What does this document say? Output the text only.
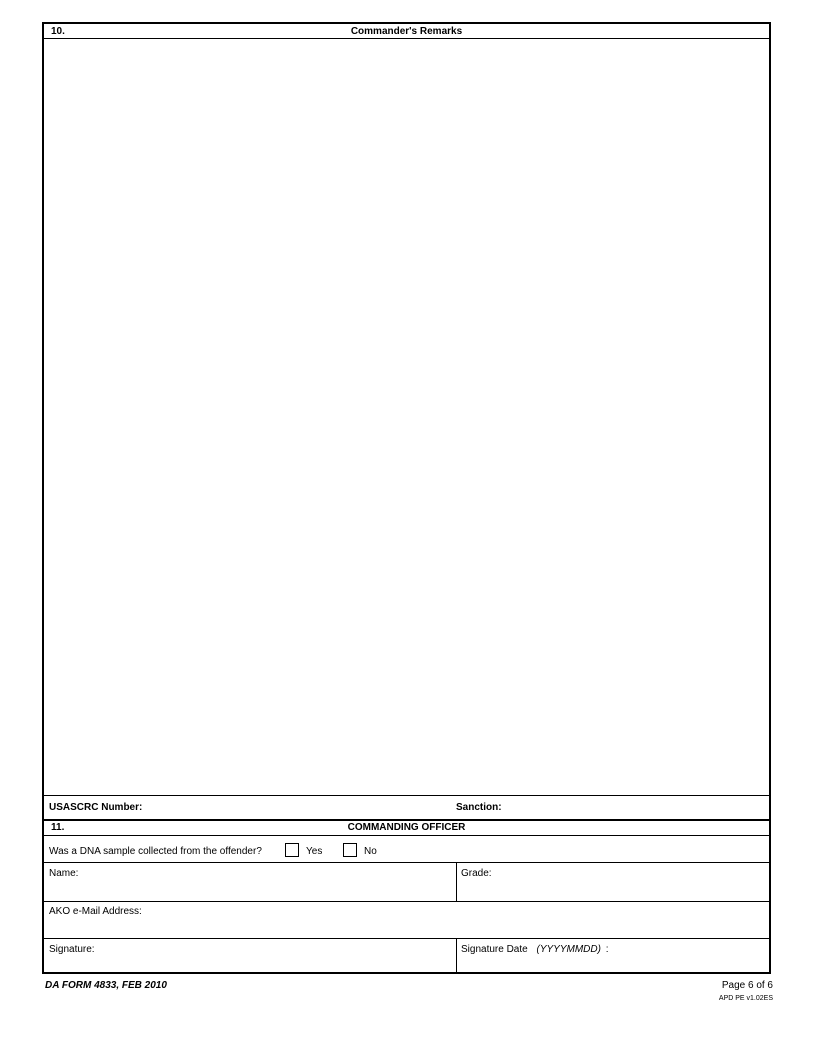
10.	Commander's Remarks
USASCRC Number:	Sanction:
11.	COMMANDING OFFICER
Was a DNA sample collected from the offender?	Yes	No
Name:	Grade:
AKO e-Mail Address:
Signature:	Signature Date (YYYYMMDD) :
DA FORM 4833, FEB 2010	Page 6 of 6
APD PE v1.02ES
